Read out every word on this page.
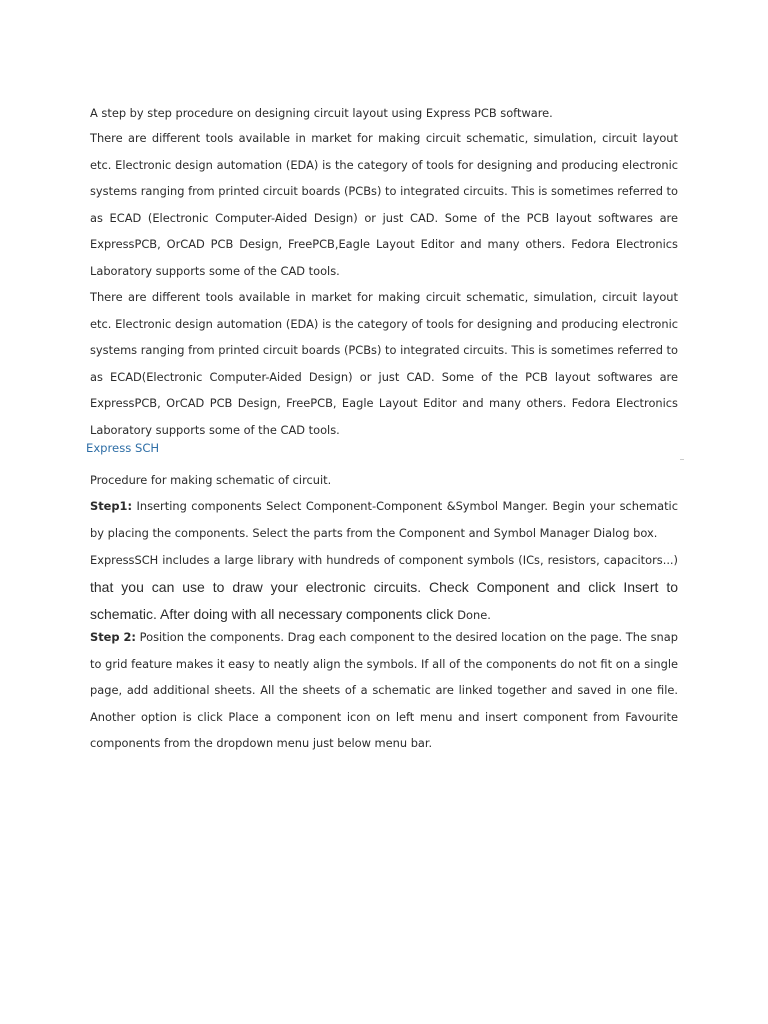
A step by step procedure on designing circuit layout using Express PCB software.

There are different tools available in market for making circuit schematic, simulation, circuit layout etc. Electronic design automation (EDA) is the category of tools for designing and producing electronic systems ranging from printed circuit boards (PCBs) to integrated circuits. This is sometimes referred to as ECAD (Electronic Computer-Aided Design) or just CAD. Some of the PCB layout softwares are ExpressPCB, OrCAD PCB Design, FreePCB,Eagle Layout Editor and many others. Fedora Electronics Laboratory supports some of the CAD tools.

There are different tools available in market for making circuit schematic, simulation, circuit layout etc. Electronic design automation (EDA) is the category of tools for designing and producing electronic systems ranging from printed circuit boards (PCBs) to integrated circuits. This is sometimes referred to as ECAD(Electronic Computer-Aided Design) or just CAD. Some of the PCB layout softwares are ExpressPCB, OrCAD PCB Design, FreePCB, Eagle Layout Editor and many others. Fedora Electronics Laboratory supports some of the CAD tools.

Express SCH

Procedure for making schematic of circuit.

Step1: Inserting components Select Component-Component &Symbol Manger. Begin your schematic by placing the components. Select the parts from the Component and Symbol Manager Dialog box.

ExpressSCH includes a large library with hundreds of component symbols (ICs, resistors, capacitors...) that you can use to draw your electronic circuits. Check Component and click Insert to schematic. After doing with all necessary components click Done.

Step 2: Position the components. Drag each component to the desired location on the page. The snap to grid feature makes it easy to neatly align the symbols. If all of the components do not fit on a single page, add additional sheets. All the sheets of a schematic are linked together and saved in one file. Another option is click Place a component icon on left menu and insert component from Favourite components from the dropdown menu just below menu bar.
